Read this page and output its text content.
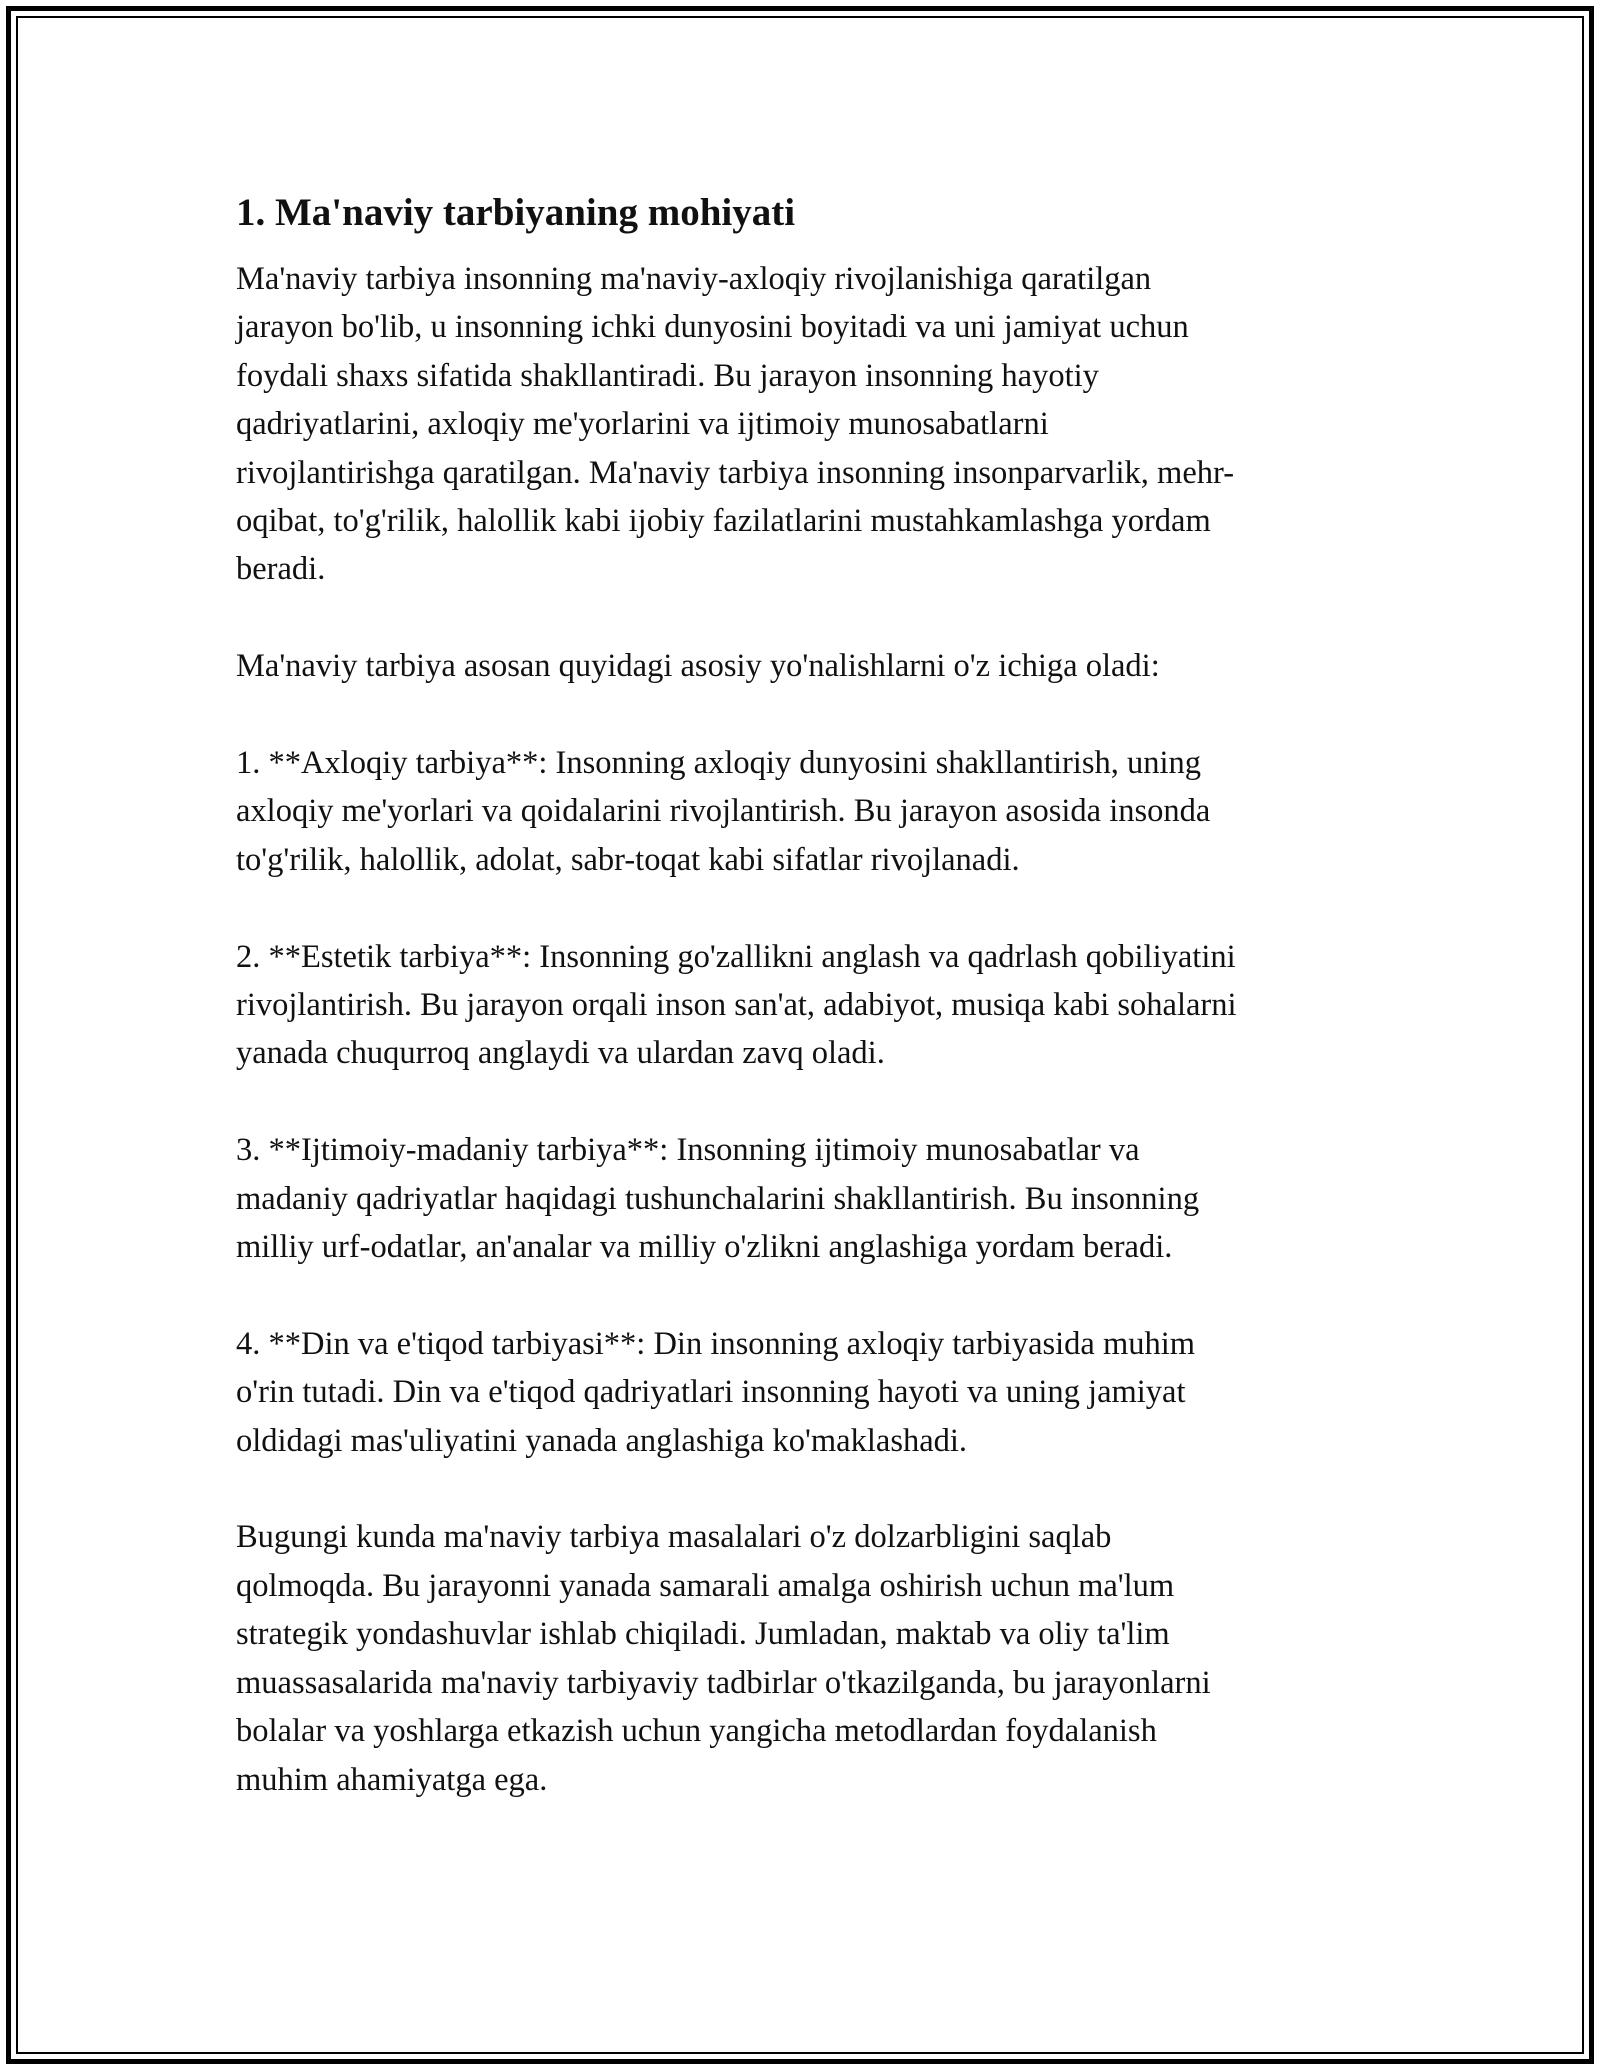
1. Ma'naviy tarbiyaning mohiyati

Ma'naviy tarbiya insonning ma'naviy-axloqiy rivojlanishiga qaratilgan
jarayon bo'lib, u insonning ichki dunyosini boyitadi va uni jamiyat uchun
foydali shaxs sifatida shakllantiradi. Bu jarayon insonning hayotiy
qadriyatlarini, axloqiy me'yorlarini va ijtimoiy munosabatlarni
rivojlantirishga qaratilgan. Ma'naviy tarbiya insonning insonparvarlik, mehr-
oqibat, to'g'rilik, halollik kabi ijobiy fazilatlarini mustahkamlashga yordam
beradi.

Ma'naviy tarbiya asosan quyidagi asosiy yo'nalishlarni o'z ichiga oladi:

1. **Axloqiy tarbiya**: Insonning axloqiy dunyosini shakllantirish, uning
axloqiy me'yorlari va qoidalarini rivojlantirish. Bu jarayon asosida insonda
to'g'rilik, halollik, adolat, sabr-toqat kabi sifatlar rivojlanadi.

2. **Estetik tarbiya**: Insonning go'zallikni anglash va qadrlash qobiliyatini
rivojlantirish. Bu jarayon orqali inson san'at, adabiyot, musiqa kabi sohalarni
yanada chuqurroq anglaydi va ulardan zavq oladi.

3. **Ijtimoiy-madaniy tarbiya**: Insonning ijtimoiy munosabatlar va
madaniy qadriyatlar haqidagi tushunchalarini shakllantirish. Bu insonning
milliy urf-odatlar, an'analar va milliy o'zlikni anglashiga yordam beradi.

4. **Din va e'tiqod tarbiyasi**: Din insonning axloqiy tarbiyasida muhim
o'rin tutadi. Din va e'tiqod qadriyatlari insonning hayoti va uning jamiyat
oldidagi mas'uliyatini yanada anglashiga ko'maklashadi.

Bugungi kunda ma'naviy tarbiya masalalari o'z dolzarbligini saqlab
qolmoqda. Bu jarayonni yanada samarali amalga oshirish uchun ma'lum
strategik yondashuvlar ishlab chiqiladi. Jumladan, maktab va oliy ta'lim
muassasalarida ma'naviy tarbiyaviy tadbirlar o'tkazilganda, bu jarayonlarni
bolalar va yoshlarga etkazish uchun yangicha metodlardan foydalanish
muhim ahamiyatga ega.
